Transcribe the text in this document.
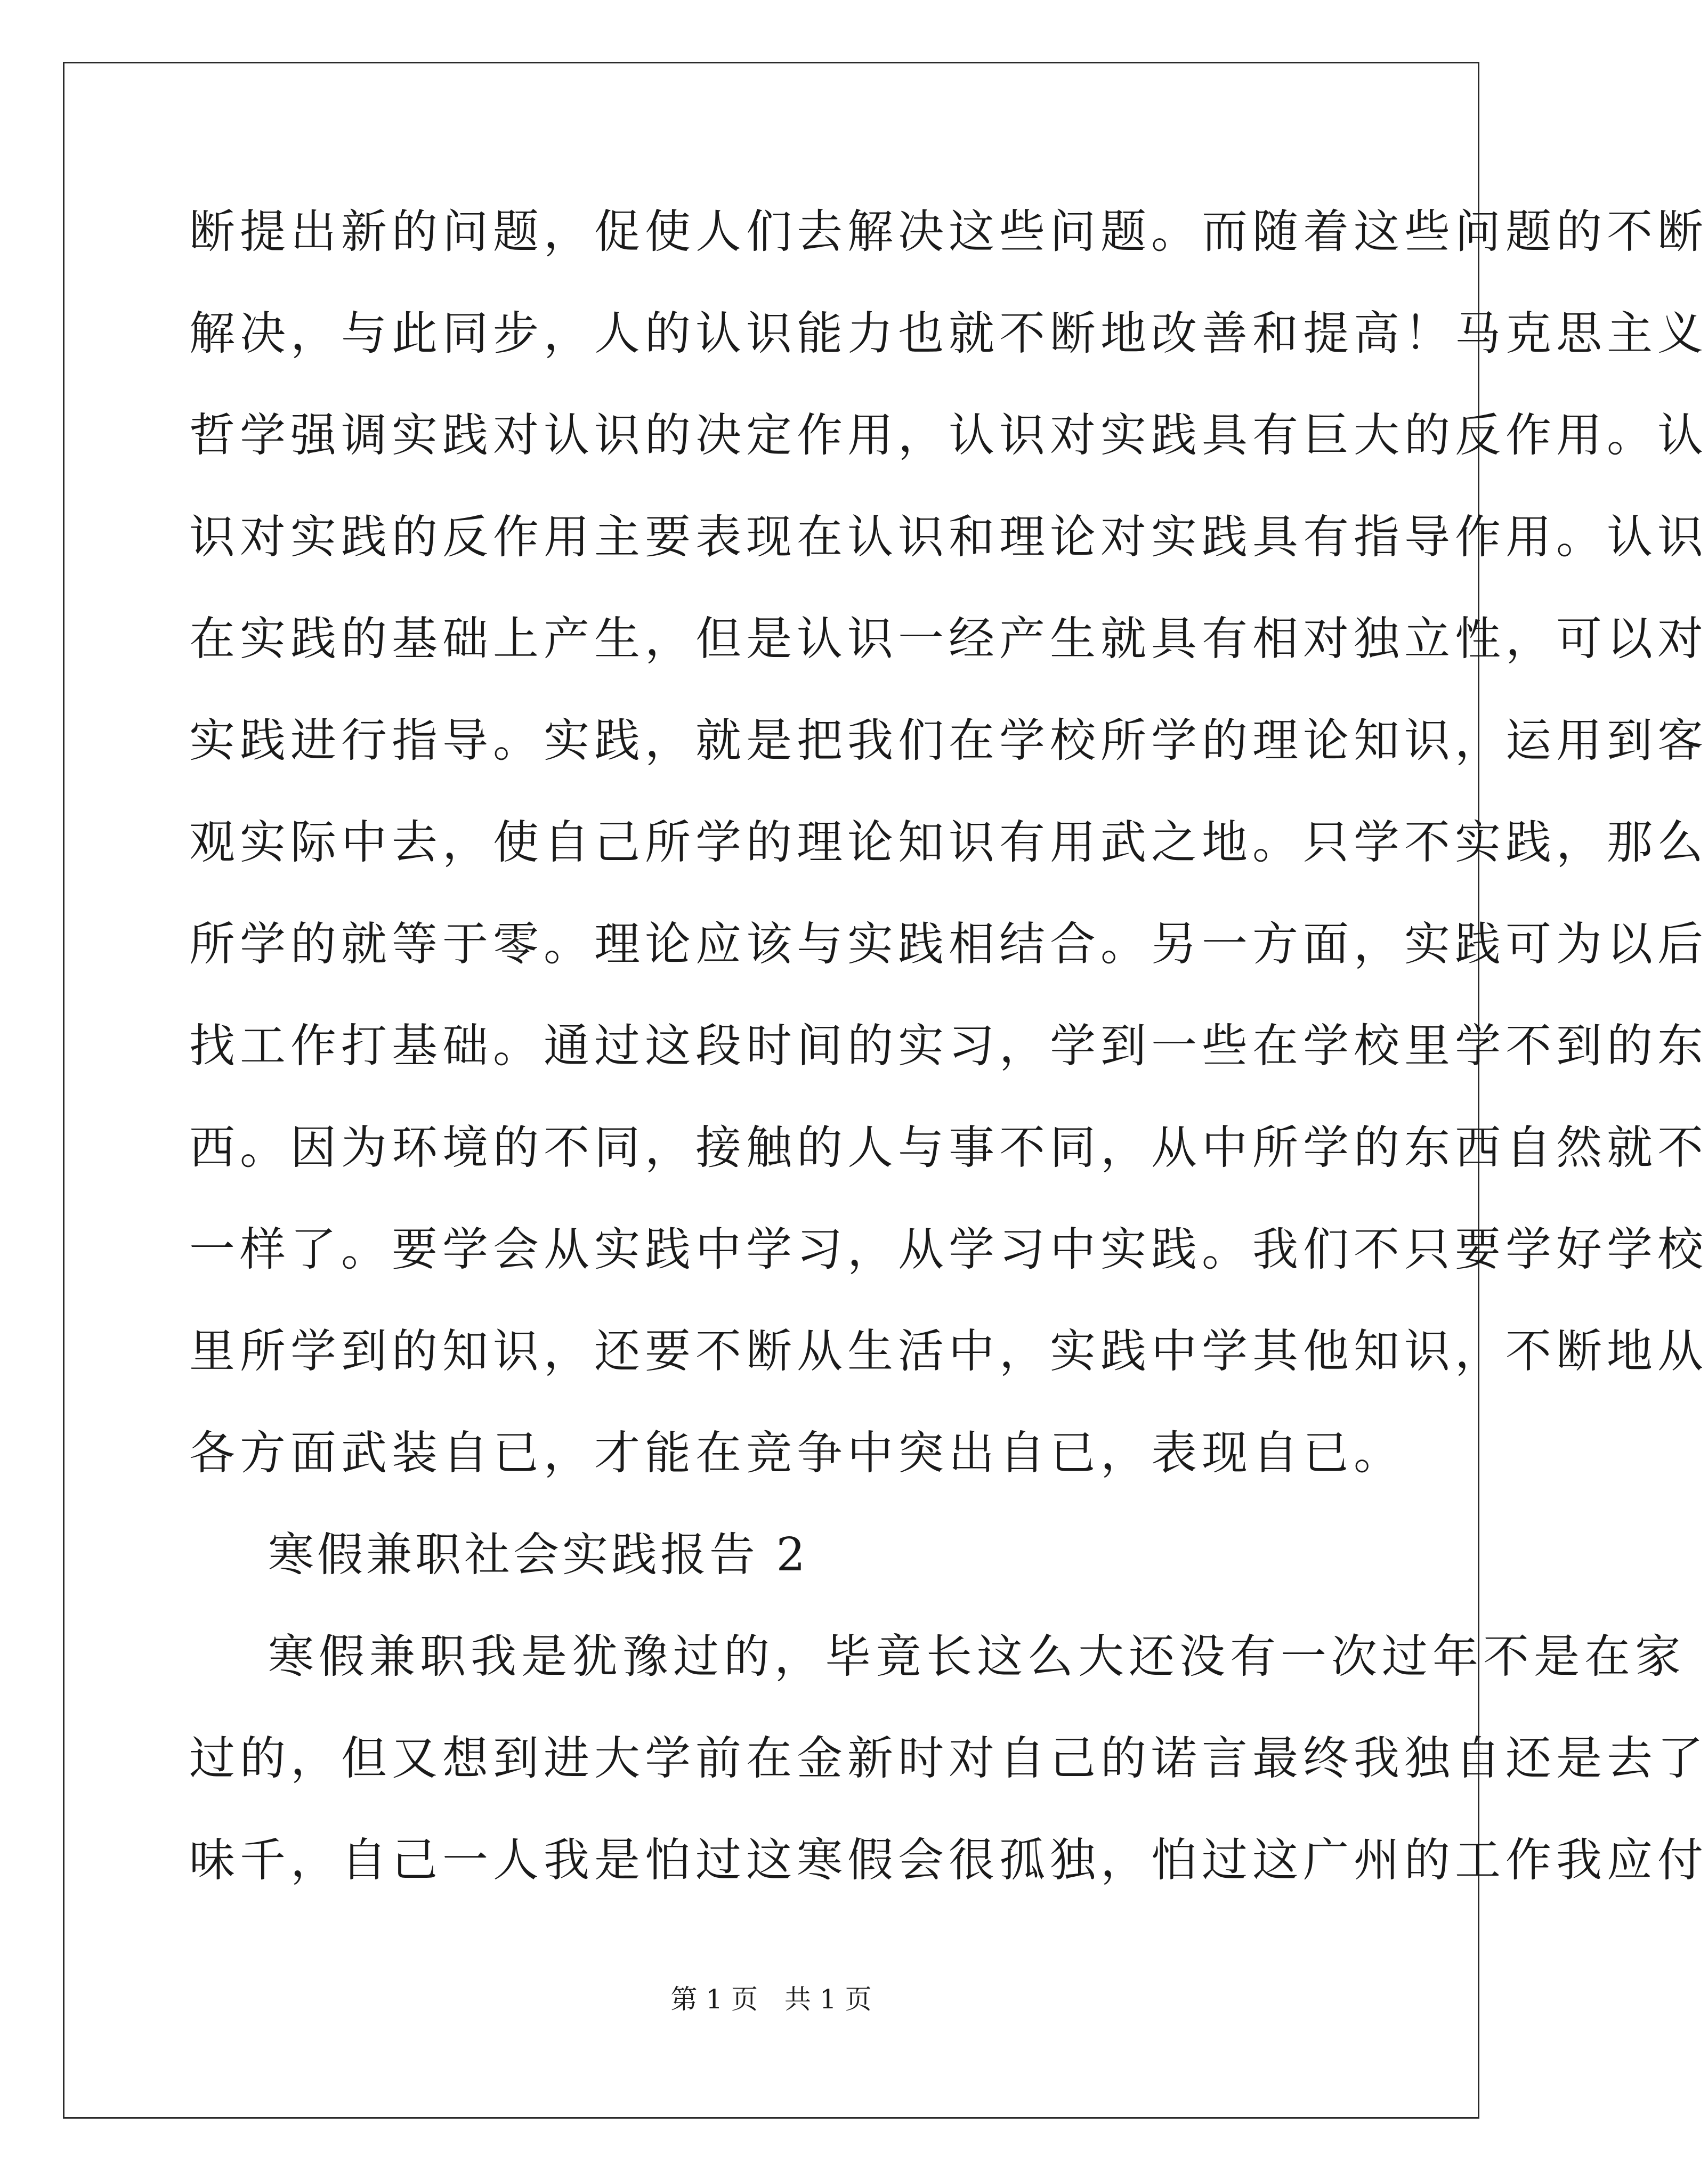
断提出新的问题，促使人们去解决这些问题。而随着这些问题的不断
解决，与此同步，人的认识能力也就不断地改善和提高！马克思主义
哲学强调实践对认识的决定作用，认识对实践具有巨大的反作用。认
识对实践的反作用主要表现在认识和理论对实践具有指导作用。认识
在实践的基础上产生，但是认识一经产生就具有相对独立性，可以对
实践进行指导。实践，就是把我们在学校所学的理论知识，运用到客
观实际中去，使自己所学的理论知识有用武之地。只学不实践，那么
所学的就等于零。理论应该与实践相结合。另一方面，实践可为以后
找工作打基础。通过这段时间的实习，学到一些在学校里学不到的东
西。因为环境的不同，接触的人与事不同，从中所学的东西自然就不
一样了。要学会从实践中学习，从学习中实践。我们不只要学好学校
里所学到的知识，还要不断从生活中，实践中学其他知识，不断地从
各方面武装自已，才能在竞争中突出自已，表现自已。
寒假兼职社会实践报告 2
寒假兼职我是犹豫过的，毕竟长这么大还没有一次过年不是在家
过的，但又想到进大学前在金新时对自己的诺言最终我独自还是去了
味千，自己一人我是怕过这寒假会很孤独，怕过这广州的工作我应付
第 1 页　共 1 页
